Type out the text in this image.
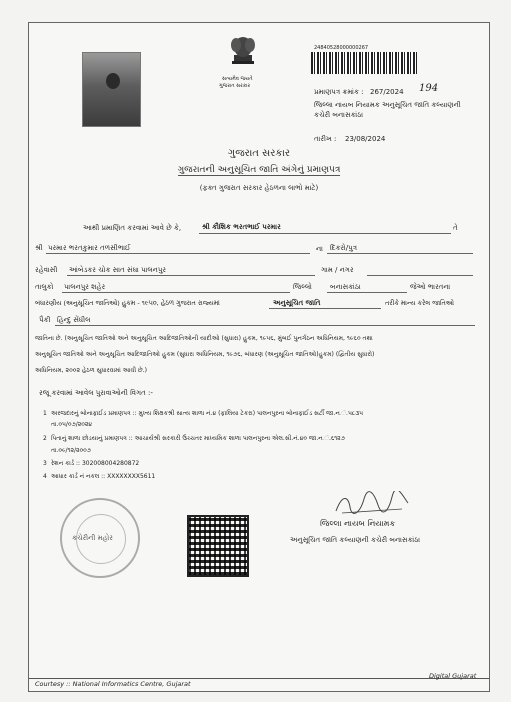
સત્યમેવ જયતે
ગુજરાત સરકાર
24840528000000267
પ્રમાણપત્ર ક્રમાંક : 267/2024 194
જિલ્લા નાયબ નિયામક અનુસૂચિત જાતિ કલ્યાણની
કચેરી બનાસકાંઠા
તારીખ : 23/08/2024
ગુજરાત સરકાર
ગુજરાતની અનુસૂચિત જાતિ અંગેનું પ્રમાણપત્ર
(ફક્ત ગુજરાત સરકાર હેઠળના લાભો માટે)
આથી પ્રમાણિત કરવામાં આવે છે કે,	શ્રી કૌશિક ભરતભાઈ પરમાર	તે
શ્રી પરમાર ભરતકુમાર તળસીભાઈ	ના દિકરો/પુત્ર
રહેવાસી આંબેડકર ચોક સાત સંઘા પાલનપુર	ગામ / નગર
તાલુકો પાલનપુર શહેર	જિલ્લો	બનાસકાંઠા	જેઓ ભારતના
બંધારણીય (અનુસૂચિત જાતિઓ) હુકમ - ૧૯૫૦, હેઠળ ગુજરાત રાજ્યમાં	અનુસૂચિત જાતિ	તરીકે માન્ય કરેલ જાતિઓ
પૈકી હિન્દુ સેંધીલ
જાતિના છે. (અનુસૂચિત જાતિઓ અને અનુસૂચિત આદિજાતિઓની યાદીઓ (સુધારા) હુકમ, ૧૯૫૬, મુંબઈ પુનર્ગઠન અધિનિયમ, ૧૯૬૦ તથા
અનુસૂચિત જાતિઓ અને અનુસૂચિત આદિજાતિઓ હુકમ (સુધારા અધિનિયમ, ૧૯૭૬, બંધારણ (અનુસૂચિત જાતિઓ)હુકમ) (દ્વિતીય સુધારો)
અધિનિયમ, ૨૦૦૨ હેઠળ સુધારવામાં આવી છે.)
રજૂ કરવામાં આવેલ પુરાવાઓની વિગત :-
1 અરજદારનું બોનાફાઈડ પ્રમાણપત્ર :: મુખ્ય શિક્ષકશ્રી સાત્ય શાળા નં.૪ (ફાલિયા ટેકરા) પાલનપુરના બોનાફાઈડ સર્ટી જા.ન.ં.૫૮૩૫
તા.૦૫/૦૭/૨૦૨૪
2 પિતાનું શાળા છોડયાનું પ્રમાણપત્ર :: આચાર્યશ્રી સરકારી ઉચ્ચતર માધ્યમિક શાળા પાલનપુરના એલ.સી.નં.૪૦ જા.ન.ં.૬૧૨૭
તા.૦૯/૧૨/૨૦૦૭
3 રેશન કાર્ડ :: 302008004280872
4 આધાર કાર્ડ નં નકલ :: XXXXXXXX5611
કચેરીની મહોર
જિલ્લા નાયબ નિયામક
અનુસૂચિત જાતિ કલ્યાણની કચેરી બનાસકાંઠા
Courtesy :: National Informatics Centre, Gujarat
Digital Gujarat
